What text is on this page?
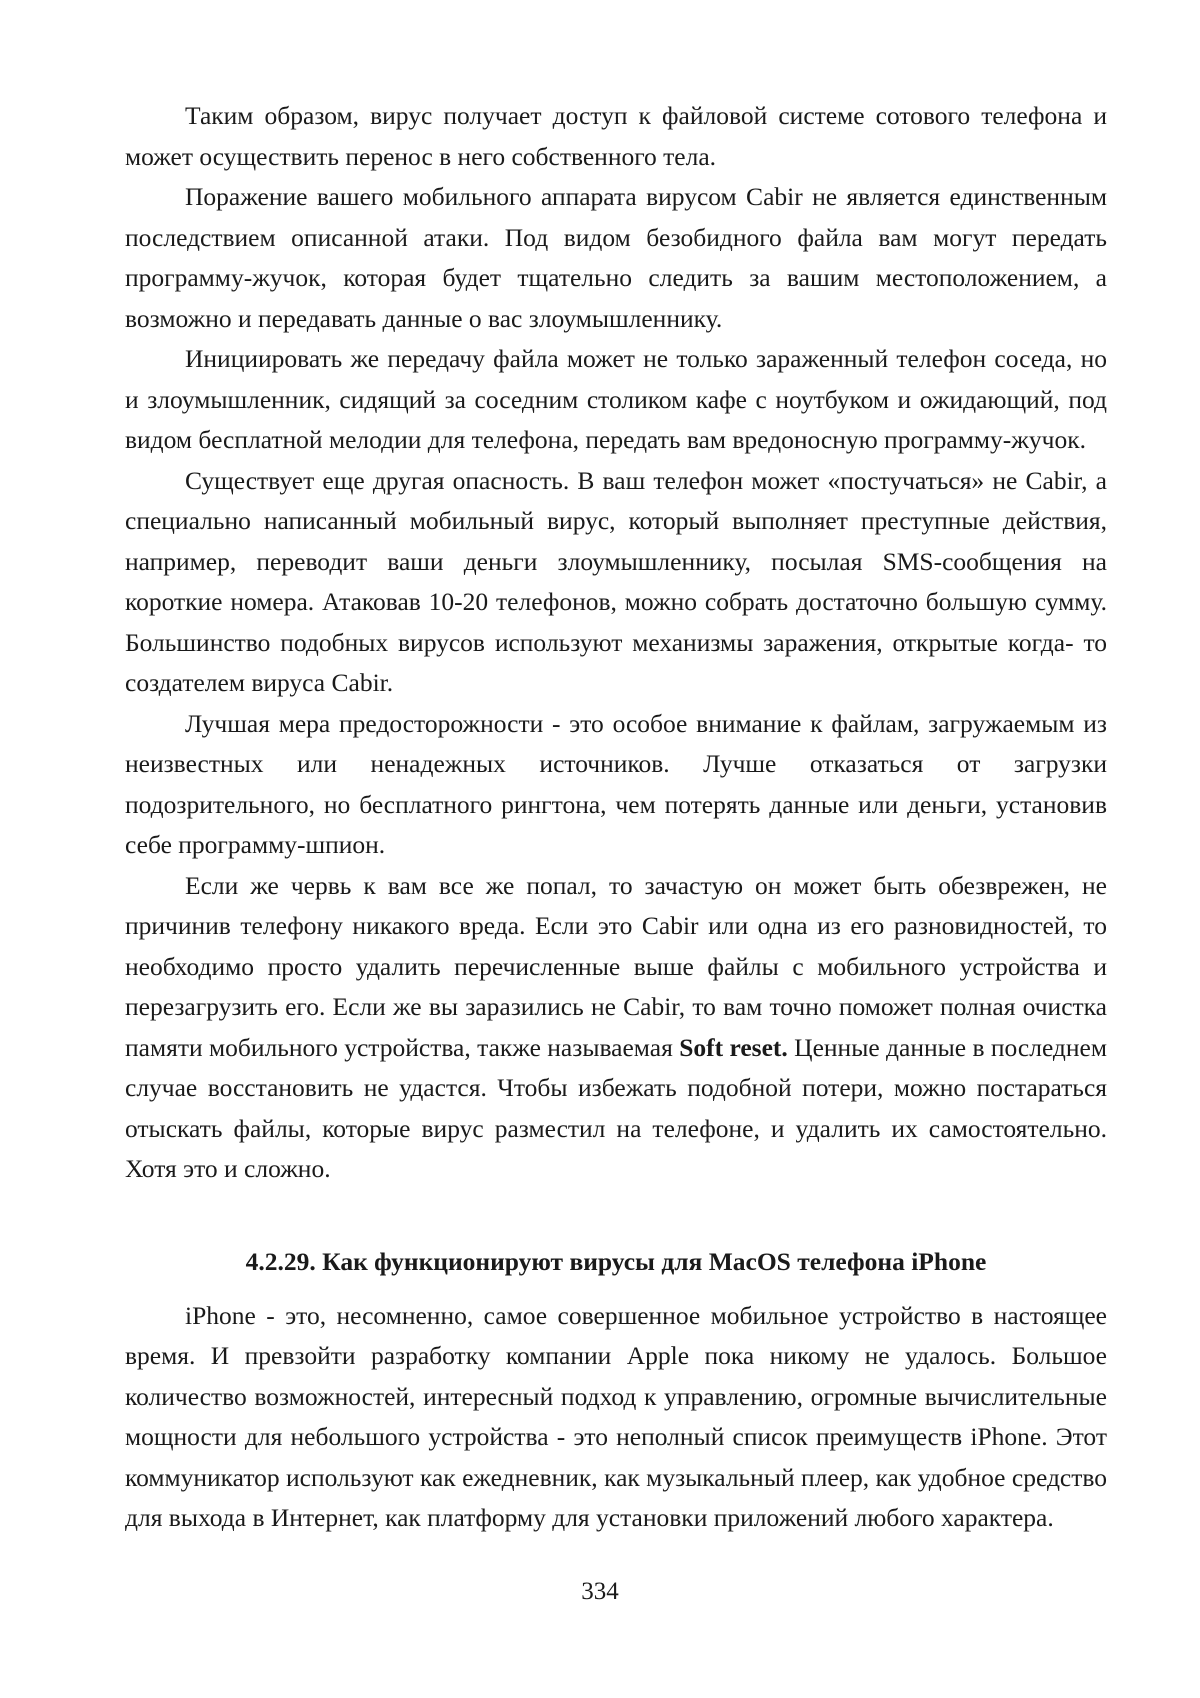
Таким образом, вирус получает доступ к файловой системе сотового телефона и может осуществить перенос в него собственного тела.

Поражение вашего мобильного аппарата вирусом Cabir не является единственным последствием описанной атаки. Под видом безобидного файла вам могут передать программу-жучок, которая будет тщательно следить за вашим местоположением, а возможно и передавать данные о вас злоумышленнику.

Инициировать же передачу файла может не только зараженный телефон соседа, но и злоумышленник, сидящий за соседним столиком кафе с ноутбуком и ожидающий, под видом бесплатной мелодии для телефона, передать вам вредоносную программу-жучок.

Существует еще другая опасность. В ваш телефон может «постучаться» не Cabir, а специально написанный мобильный вирус, который выполняет преступные действия, например, переводит ваши деньги злоумышленнику, посылая SMS-сообщения на короткие номера. Атаковав 10-20 телефонов, можно собрать достаточно большую сумму. Большинство подобных вирусов используют механизмы заражения, открытые когда- то создателем вируса Cabir.

Лучшая мера предосторожности - это особое внимание к файлам, загружаемым из неизвестных или ненадежных источников. Лучше отказаться от загрузки подозрительного, но бесплатного рингтона, чем потерять данные или деньги, установив себе программу-шпион.

Если же червь к вам все же попал, то зачастую он может быть обезврежен, не причинив телефону никакого вреда. Если это Cabir или одна из его разновидностей, то необходимо просто удалить перечисленные выше файлы с мобильного устройства и перезагрузить его. Если же вы заразились не Cabir, то вам точно поможет полная очистка памяти мобильного устройства, также называемая Soft reset. Ценные данные в последнем случае восстановить не удастся. Чтобы избежать подобной потери, можно постараться отыскать файлы, которые вирус разместил на телефоне, и удалить их самостоятельно. Хотя это и сложно.

4.2.29. Как функционируют вирусы для MacOS телефона iPhone

iPhone - это, несомненно, самое совершенное мобильное устройство в настоящее время. И превзойти разработку компании Apple пока никому не удалось. Большое количество возможностей, интересный подход к управлению, огромные вычислительные мощности для небольшого устройства - это неполный список преимуществ iPhone. Этот коммуникатор используют как ежедневник, как музыкальный плеер, как удобное средство для выхода в Интернет, как платформу для установки приложений любого характера.

334
